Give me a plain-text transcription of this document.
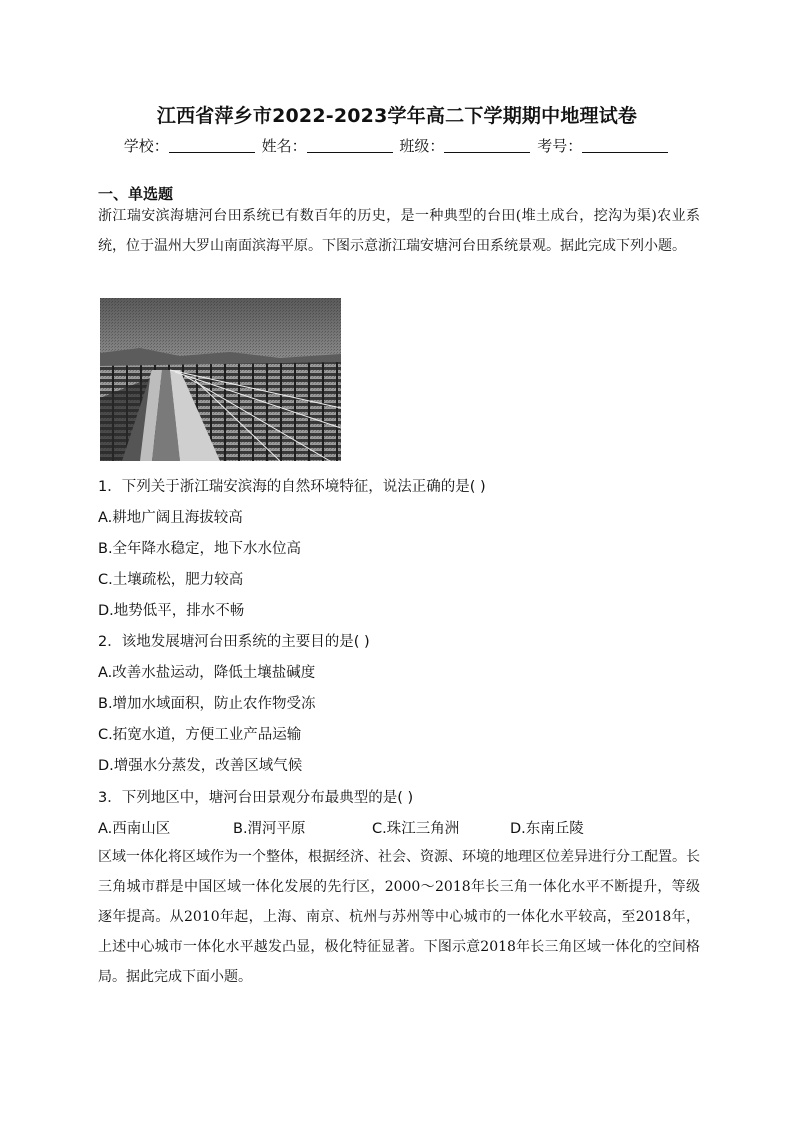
江西省萍乡市2022-2023学年高二下学期期中地理试卷
学校：	姓名：	班级：	考号：
一、单选题
浙江瑞安滨海塘河台田系统已有数百年的历史，是一种典型的台田(堆土成台，挖沟为渠)农业系统，位于温州大罗山南面滨海平原。下图示意浙江瑞安塘河台田系统景观。据此完成下列小题。
1．下列关于浙江瑞安滨海的自然环境特征，说法正确的是( )
A.耕地广阔且海拔较高
B.全年降水稳定，地下水水位高
C.土壤疏松，肥力较高
D.地势低平，排水不畅
2．该地发展塘河台田系统的主要目的是( )
A.改善水盐运动，降低土壤盐碱度
B.增加水域面积，防止农作物受冻
C.拓宽水道，方便工业产品运输
D.增强水分蒸发，改善区域气候
3．下列地区中，塘河台田景观分布最典型的是( )
A.西南山区	B.渭河平原	C.珠江三角洲	D.东南丘陵
区域一体化将区域作为一个整体，根据经济、社会、资源、环境的地理区位差异进行分工配置。长三角城市群是中国区域一体化发展的先行区，2000～2018年长三角一体化水平不断提升，等级逐年提高。从2010年起，上海、南京、杭州与苏州等中心城市的一体化水平较高，至2018年，上述中心城市一体化水平越发凸显，极化特征显著。下图示意2018年长三角区域一体化的空间格局。据此完成下面小题。
